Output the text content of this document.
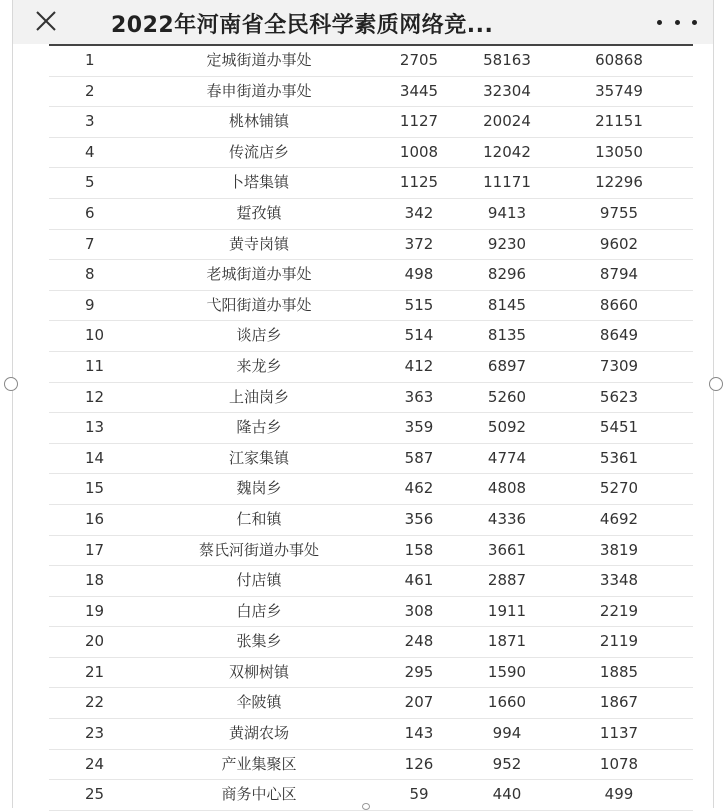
2022年河南省全民科学素质网络竞...
1	定城街道办事处	2705	58163	60868
2	春申街道办事处	3445	32304	35749
3	桃林铺镇	1127	20024	21151
4	传流店乡	1008	12042	13050
5	卜塔集镇	1125	11171	12296
6	踅孜镇	342	9413	9755
7	黄寺岗镇	372	9230	9602
8	老城街道办事处	498	8296	8794
9	弋阳街道办事处	515	8145	8660
10	谈店乡	514	8135	8649
11	来龙乡	412	6897	7309
12	上油岗乡	363	5260	5623
13	隆古乡	359	5092	5451
14	江家集镇	587	4774	5361
15	魏岗乡	462	4808	5270
16	仁和镇	356	4336	4692
17	蔡氏河街道办事处	158	3661	3819
18	付店镇	461	2887	3348
19	白店乡	308	1911	2219
20	张集乡	248	1871	2119
21	双柳树镇	295	1590	1885
22	伞陂镇	207	1660	1867
23	黄湖农场	143	994	1137
24	产业集聚区	126	952	1078
25	商务中心区	59	440	499
